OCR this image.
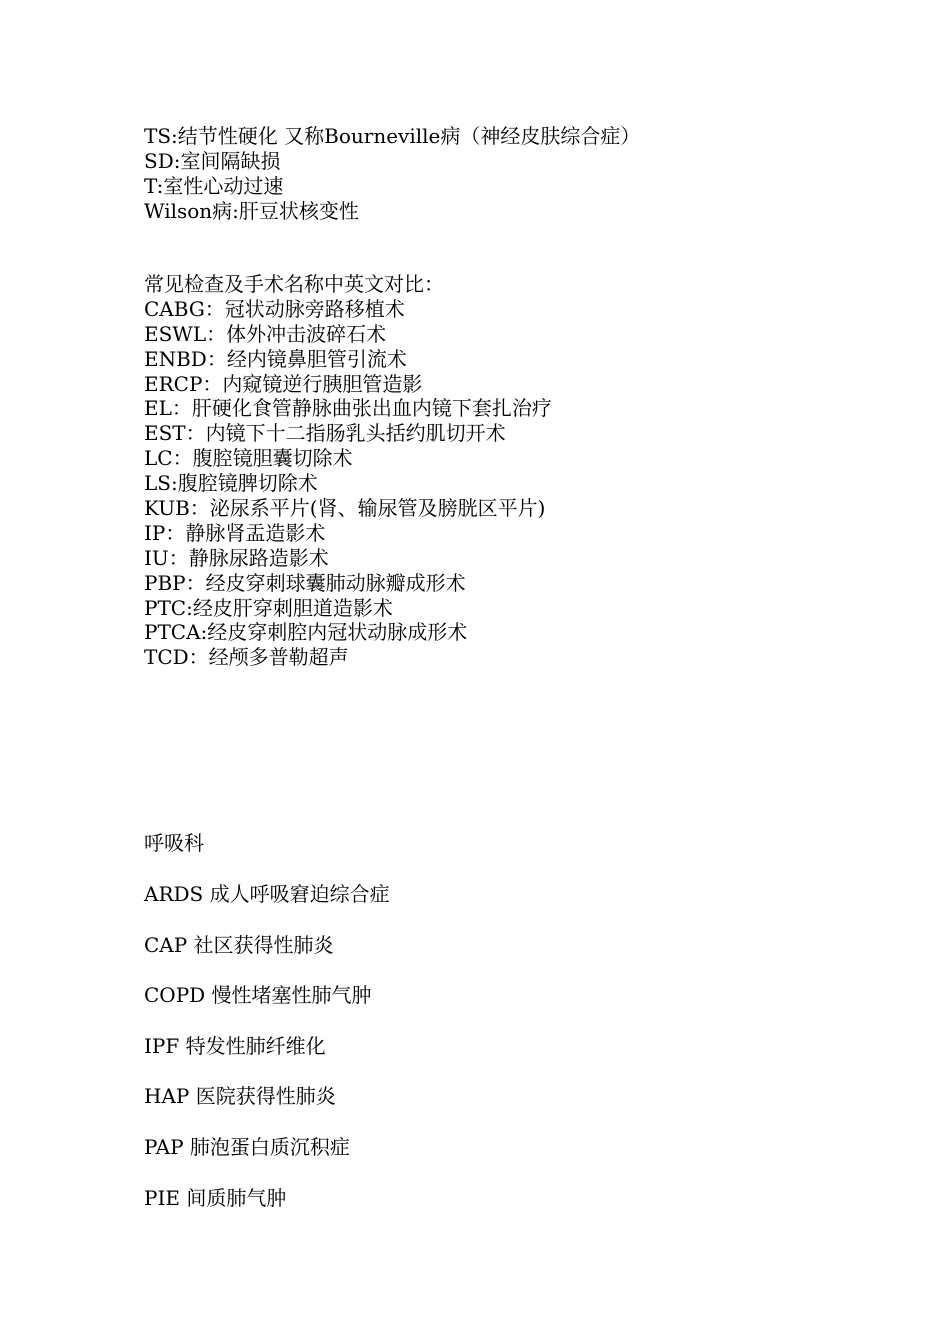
TS:结节性硬化 又称Bourneville病（神经皮肤综合症）
SD:室间隔缺损
T:室性心动过速
Wilson病:肝豆状核变性
常见检查及手术名称中英文对比：
CABG：冠状动脉旁路移植术
ESWL：体外冲击波碎石术
ENBD：经内镜鼻胆管引流术
ERCP：内窥镜逆行胰胆管造影
EL：肝硬化食管静脉曲张出血内镜下套扎治疗
EST：内镜下十二指肠乳头括约肌切开术
LC：腹腔镜胆囊切除术
LS:腹腔镜脾切除术
KUB：泌尿系平片(肾、输尿管及膀胱区平片)
IP：静脉肾盂造影术
IU：静脉尿路造影术
PBP：经皮穿刺球囊肺动脉瓣成形术
PTC:经皮肝穿刺胆道造影术
PTCA:经皮穿刺腔内冠状动脉成形术
TCD：经颅多普勒超声
呼吸科
ARDS 成人呼吸窘迫综合症
CAP 社区获得性肺炎
COPD 慢性堵塞性肺气肿
IPF 特发性肺纤维化
HAP 医院获得性肺炎
PAP 肺泡蛋白质沉积症
PIE 间质肺气肿
